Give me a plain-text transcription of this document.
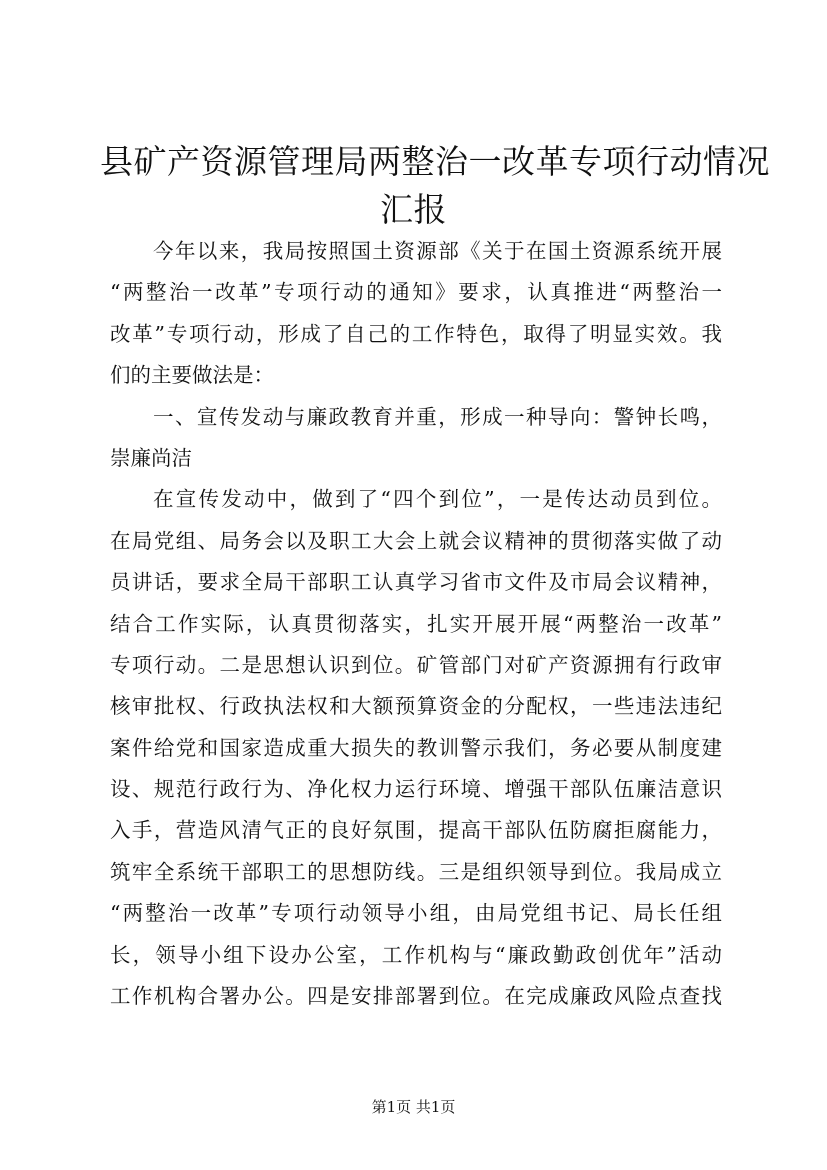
县矿产资源管理局两整治一改革专项行动情况
汇报
今年以来，我局按照国土资源部《关于在国土资源系统开展
“两整治一改革”专项行动的通知》要求，认真推进“两整治一
改革”专项行动，形成了自己的工作特色，取得了明显实效。我
们的主要做法是：
一、宣传发动与廉政教育并重，形成一种导向：警钟长鸣，
崇廉尚洁
在宣传发动中，做到了“四个到位”，一是传达动员到位。
在局党组、局务会以及职工大会上就会议精神的贯彻落实做了动
员讲话，要求全局干部职工认真学习省市文件及市局会议精神，
结合工作实际，认真贯彻落实，扎实开展开展“两整治一改革”
专项行动。二是思想认识到位。矿管部门对矿产资源拥有行政审
核审批权、行政执法权和大额预算资金的分配权，一些违法违纪
案件给党和国家造成重大损失的教训警示我们，务必要从制度建
设、规范行政行为、净化权力运行环境、增强干部队伍廉洁意识
入手，营造风清气正的良好氛围，提高干部队伍防腐拒腐能力，
筑牢全系统干部职工的思想防线。三是组织领导到位。我局成立
“两整治一改革”专项行动领导小组，由局党组书记、局长任组
长，领导小组下设办公室，工作机构与“廉政勤政创优年”活动
工作机构合署办公。四是安排部署到位。在完成廉政风险点查找
第1页 共1页
